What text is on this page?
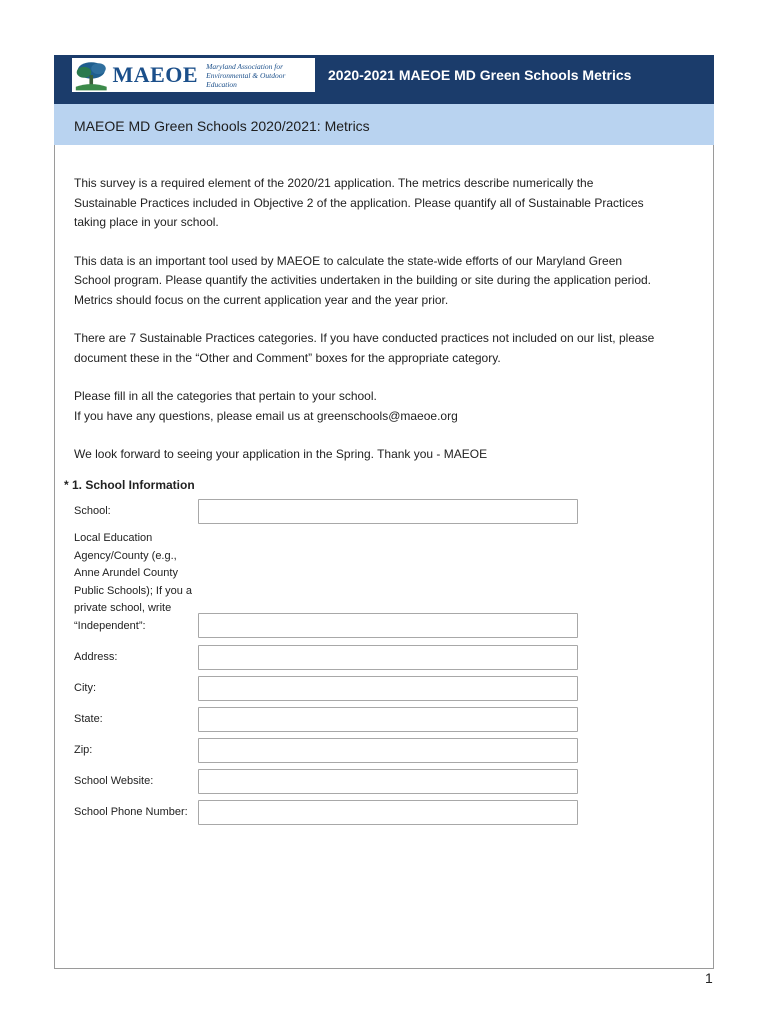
MAEOE Maryland Association for Environmental & Outdoor Education
2020-2021 MAEOE MD Green Schools Metrics
MAEOE MD Green Schools 2020/2021: Metrics

This survey is a required element of the 2020/21 application. The metrics describe numerically the
Sustainable Practices included in Objective 2 of the application. Please quantify all of Sustainable Practices
taking place in your school.

This data is an important tool used by MAEOE to calculate the state-wide efforts of our Maryland Green
School program. Please quantify the activities undertaken in the building or site during the application period.
Metrics should focus on the current application year and the year prior.

There are 7 Sustainable Practices categories. If you have conducted practices not included on our list, please
document these in the “Other and Comment” boxes for the appropriate category.

Please fill in all the categories that pertain to your school.
If you have any questions, please email us at greenschools@maeoe.org

We look forward to seeing your application in the Spring. Thank you - MAEOE

* 1. School Information
School:
Local Education Agency/County (e.g., Anne Arundel County Public Schools); If you a private school, write “Independent”:
Address:
City:
State:
Zip:
School Website:
School Phone Number:
1
